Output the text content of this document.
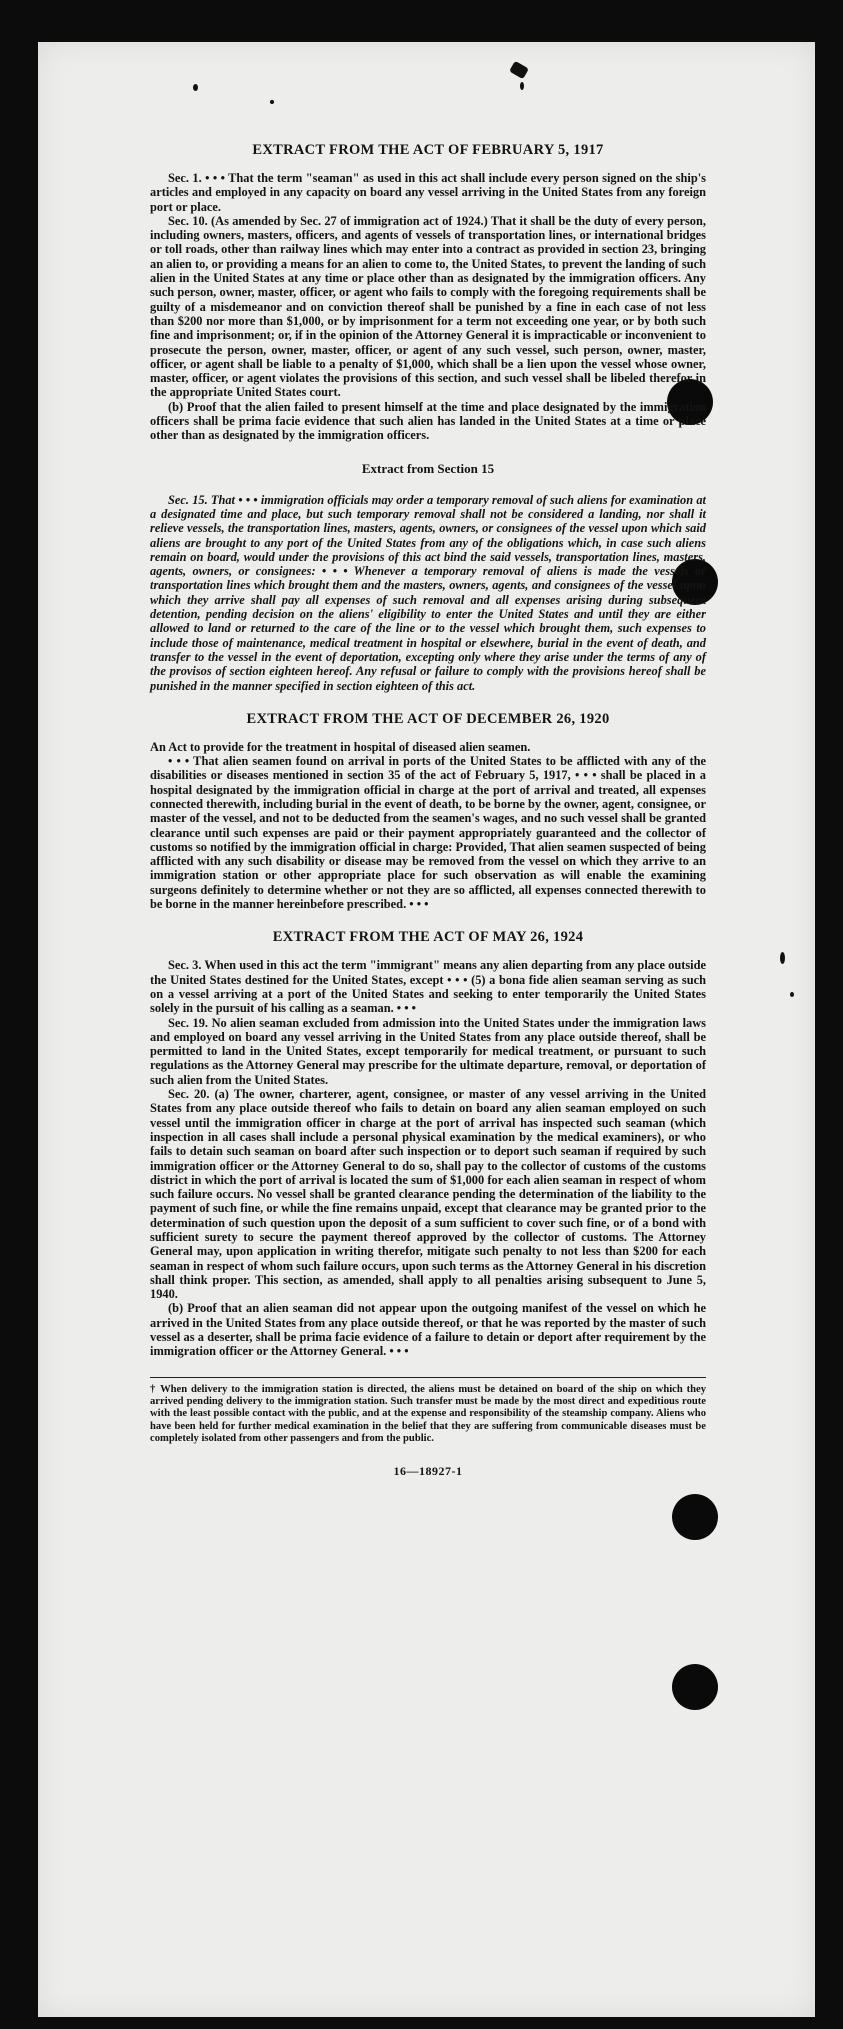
EXTRACT FROM THE ACT OF FEBRUARY 5, 1917

Sec. 1. • • • That the term "seaman" as used in this act shall include every person signed on the ship's articles and employed in any capacity on board any vessel arriving in the United States from any foreign port or place.

Sec. 10. (As amended by Sec. 27 of immigration act of 1924.) That it shall be the duty of every person, including owners, masters, officers, and agents of vessels of transportation lines, or international bridges or toll roads, other than railway lines which may enter into a contract as provided in section 23, bringing an alien to, or providing a means for an alien to come to, the United States, to prevent the landing of such alien in the United States at any time or place other than as designated by the immigration officers. Any such person, owner, master, officer, or agent who fails to comply with the foregoing requirements shall be guilty of a misdemeanor and on conviction thereof shall be punished by a fine in each case of not less than $200 nor more than $1,000, or by imprisonment for a term not exceeding one year, or by both such fine and imprisonment; or, if in the opinion of the Attorney General it is impracticable or inconvenient to prosecute the person, owner, master, officer, or agent of any such vessel, such person, owner, master, officer, or agent shall be liable to a penalty of $1,000, which shall be a lien upon the vessel whose owner, master, officer, or agent violates the provisions of this section, and such vessel shall be libeled therefor in the appropriate United States court.

(b) Proof that the alien failed to present himself at the time and place designated by the immigration officers shall be prima facie evidence that such alien has landed in the United States at a time or place other than as designated by the immigration officers.

Extract from Section 15

Sec. 15. That • • • immigration officials may order a temporary removal of such aliens for examination at a designated time and place, but such temporary removal shall not be considered a landing, nor shall it relieve vessels, the transportation lines, masters, agents, owners, or consignees of the vessel upon which said aliens are brought to any port of the United States from any of the obligations which, in case such aliens remain on board, would under the provisions of this act bind the said vessels, transportation lines, masters, agents, owners, or consignees: • • • Whenever a temporary removal of aliens is made the vessels or transportation lines which brought them and the masters, owners, agents, and consignees of the vessel upon which they arrive shall pay all expenses of such removal and all expenses arising during subsequent detention, pending decision on the aliens' eligibility to enter the United States and until they are either allowed to land or returned to the care of the line or to the vessel which brought them, such expenses to include those of maintenance, medical treatment in hospital or elsewhere, burial in the event of death, and transfer to the vessel in the event of deportation, excepting only where they arise under the terms of any of the provisos of section eighteen hereof. Any refusal or failure to comply with the provisions hereof shall be punished in the manner specified in section eighteen of this act.

EXTRACT FROM THE ACT OF DECEMBER 26, 1920

An Act to provide for the treatment in hospital of diseased alien seamen.

• • • That alien seamen found on arrival in ports of the United States to be afflicted with any of the disabilities or diseases mentioned in section 35 of the act of February 5, 1917, • • • shall be placed in a hospital designated by the immigration official in charge at the port of arrival and treated, all expenses connected therewith, including burial in the event of death, to be borne by the owner, agent, consignee, or master of the vessel, and not to be deducted from the seamen's wages, and no such vessel shall be granted clearance until such expenses are paid or their payment appropriately guaranteed and the collector of customs so notified by the immigration official in charge: Provided, That alien seamen suspected of being afflicted with any such disability or disease may be removed from the vessel on which they arrive to an immigration station or other appropriate place for such observation as will enable the examining surgeons definitely to determine whether or not they are so afflicted, all expenses connected therewith to be borne in the manner hereinbefore prescribed. • • •

EXTRACT FROM THE ACT OF MAY 26, 1924

Sec. 3. When used in this act the term "immigrant" means any alien departing from any place outside the United States destined for the United States, except • • • (5) a bona fide alien seaman serving as such on a vessel arriving at a port of the United States and seeking to enter temporarily the United States solely in the pursuit of his calling as a seaman. • • •

Sec. 19. No alien seaman excluded from admission into the United States under the immigration laws and employed on board any vessel arriving in the United States from any place outside thereof, shall be permitted to land in the United States, except temporarily for medical treatment, or pursuant to such regulations as the Attorney General may prescribe for the ultimate departure, removal, or deportation of such alien from the United States.

Sec. 20. (a) The owner, charterer, agent, consignee, or master of any vessel arriving in the United States from any place outside thereof who fails to detain on board any alien seaman employed on such vessel until the immigration officer in charge at the port of arrival has inspected such seaman (which inspection in all cases shall include a personal physical examination by the medical examiners), or who fails to detain such seaman on board after such inspection or to deport such seaman if required by such immigration officer or the Attorney General to do so, shall pay to the collector of customs of the customs district in which the port of arrival is located the sum of $1,000 for each alien seaman in respect of whom such failure occurs. No vessel shall be granted clearance pending the determination of the liability to the payment of such fine, or while the fine remains unpaid, except that clearance may be granted prior to the determination of such question upon the deposit of a sum sufficient to cover such fine, or of a bond with sufficient surety to secure the payment thereof approved by the collector of customs. The Attorney General may, upon application in writing therefor, mitigate such penalty to not less than $200 for each seaman in respect of whom such failure occurs, upon such terms as the Attorney General in his discretion shall think proper. This section, as amended, shall apply to all penalties arising subsequent to June 5, 1940.

(b) Proof that an alien seaman did not appear upon the outgoing manifest of the vessel on which he arrived in the United States from any place outside thereof, or that he was reported by the master of such vessel as a deserter, shall be prima facie evidence of a failure to detain or deport after requirement by the immigration officer or the Attorney General. • • •

† When delivery to the immigration station is directed, the aliens must be detained on board of the ship on which they arrived pending delivery to the immigration station. Such transfer must be made by the most direct and expeditious route with the least possible contact with the public, and at the expense and responsibility of the steamship company. Aliens who have been held for further medical examination in the belief that they are suffering from communicable diseases must be completely isolated from other passengers and from the public.

16—18927-1
